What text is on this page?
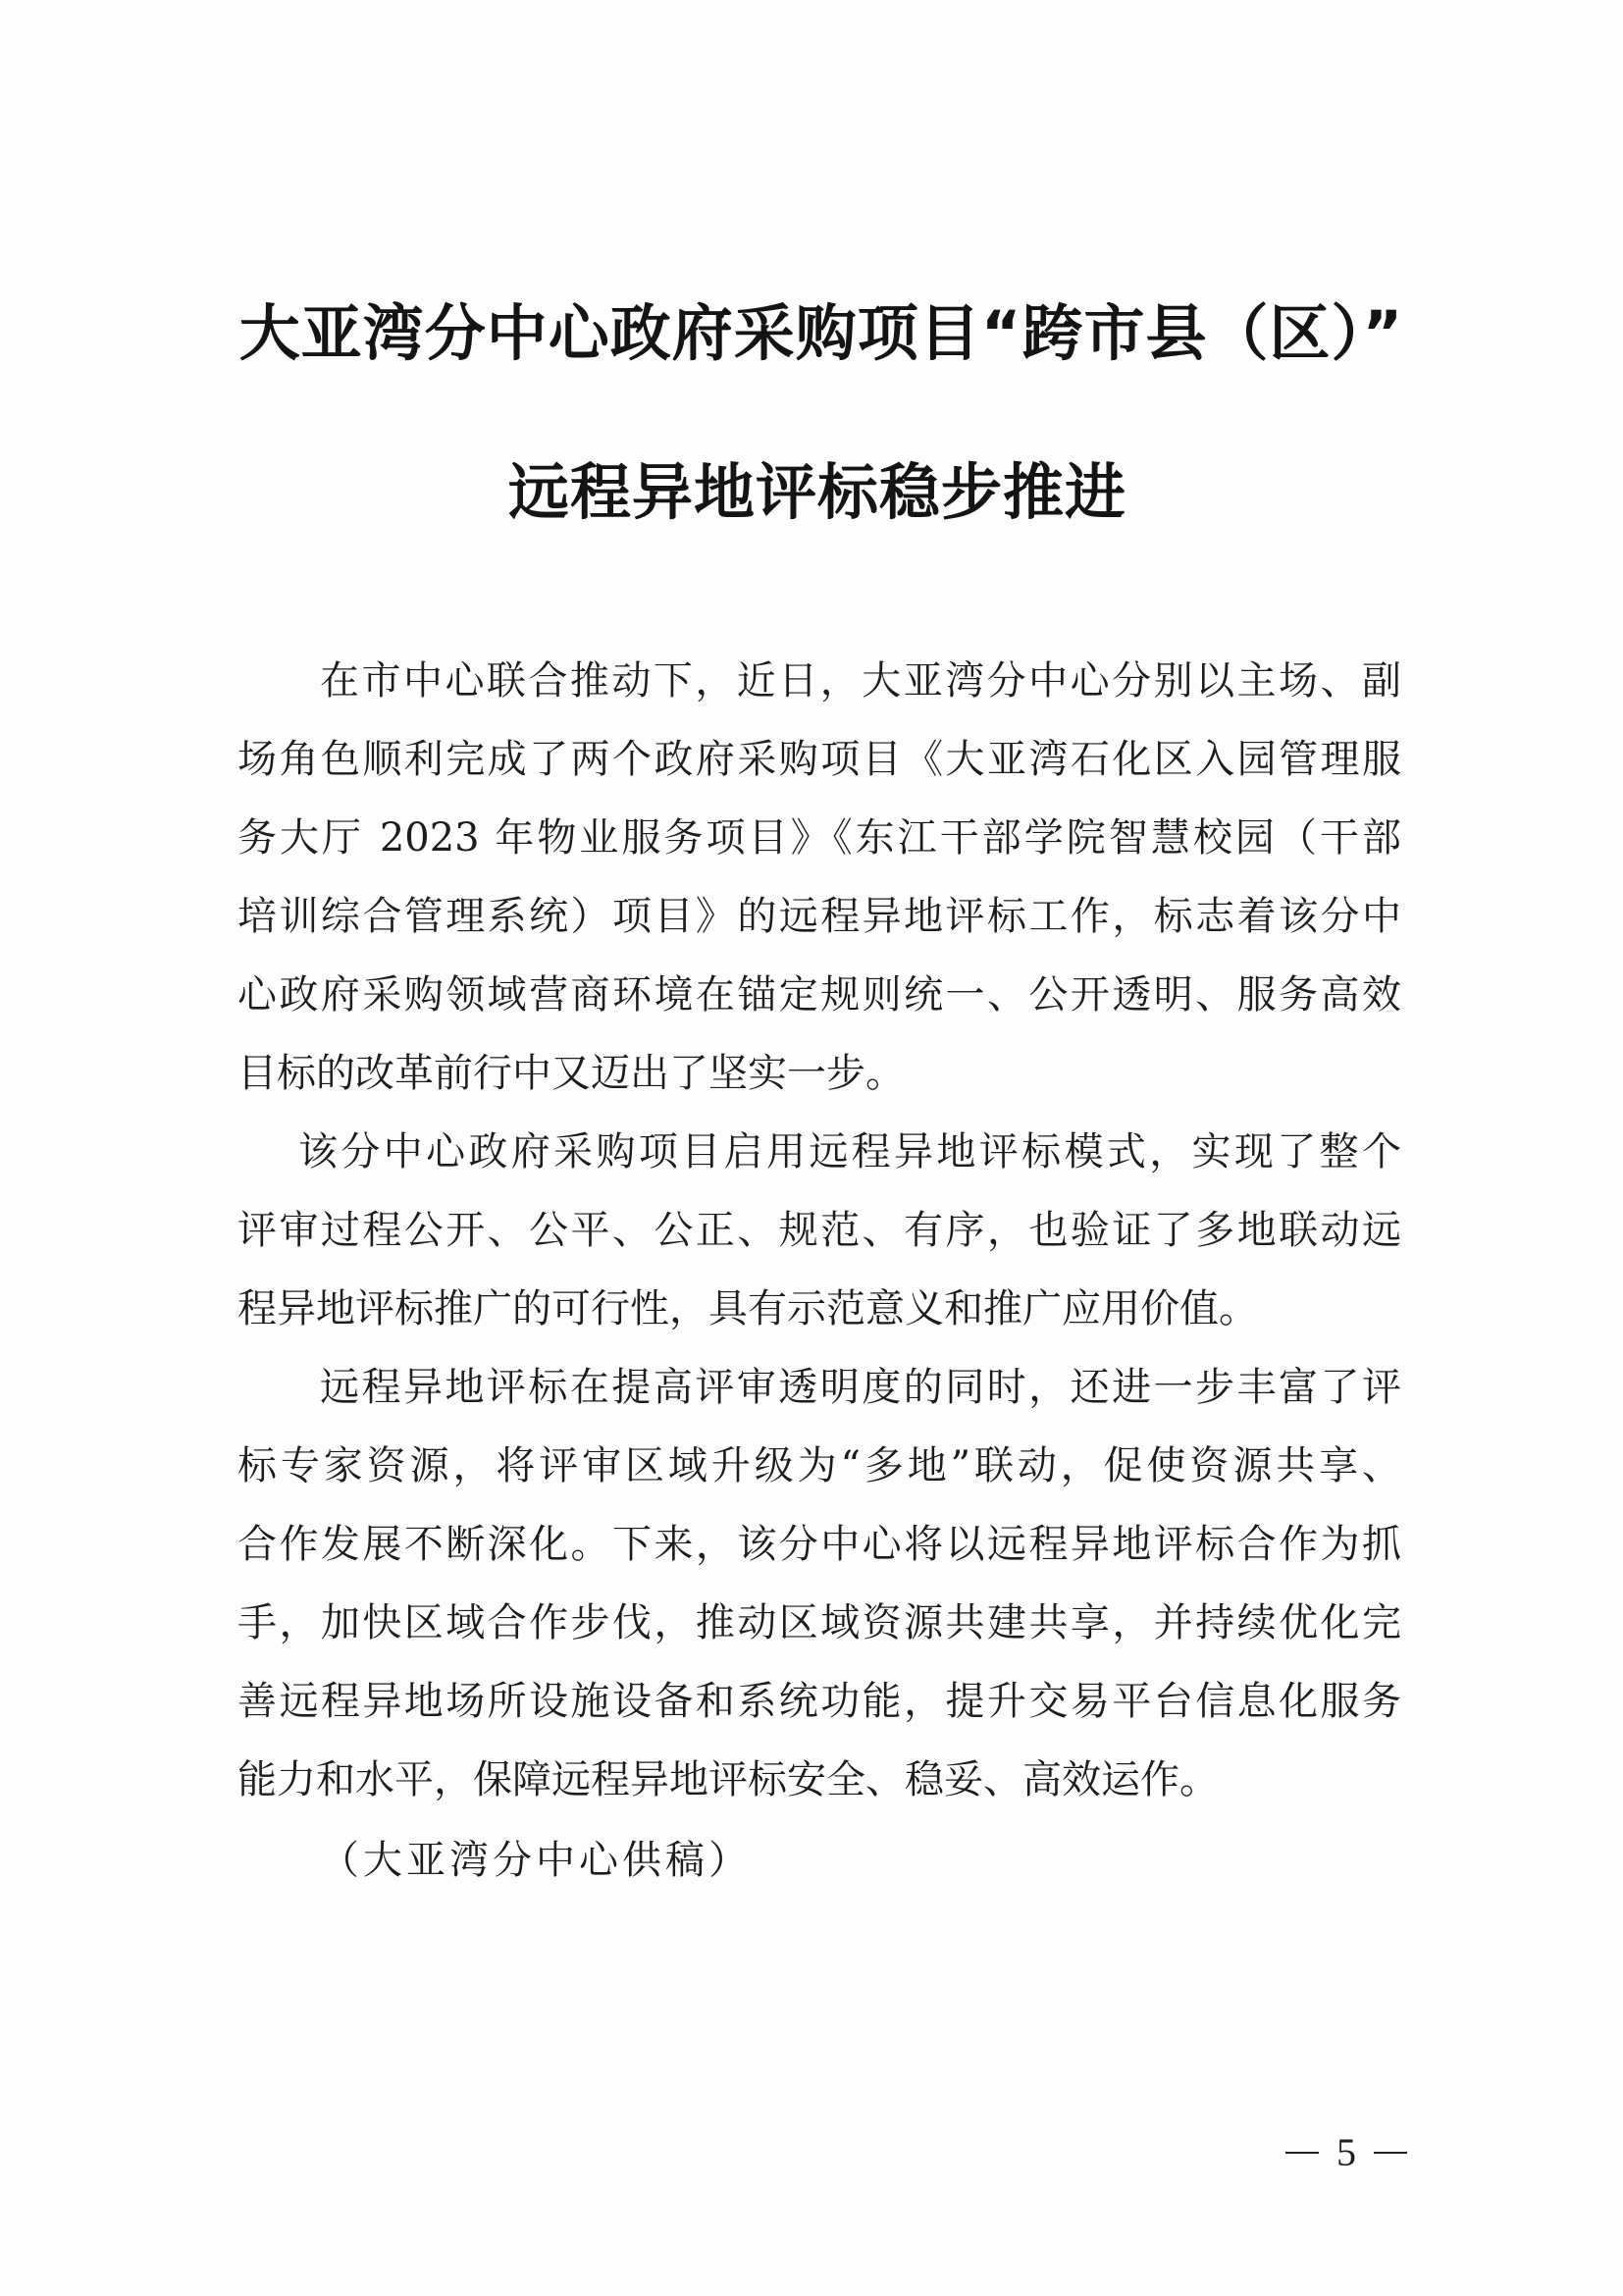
大亚湾分中心政府采购项目“跨市县（区）”
远程异地评标稳步推进

在市中心联合推动下，近日，大亚湾分中心分别以主场、副

场角色顺利完成了两个政府采购项目《大亚湾石化区入园管理服

务大厅 2023 年物业服务项目》《东江干部学院智慧校园（干部

培训综合管理系统）项目》的远程异地评标工作，标志着该分中

心政府采购领域营商环境在锚定规则统一、公开透明、服务高效

目标的改革前行中又迈出了坚实一步。

该分中心政府采购项目启用远程异地评标模式，实现了整个

评审过程公开、公平、公正、规范、有序，也验证了多地联动远

程异地评标推广的可行性，具有示范意义和推广应用价值。

远程异地评标在提高评审透明度的同时，还进一步丰富了评

标专家资源，将评审区域升级为“多地”联动，促使资源共享、

合作发展不断深化。下来，该分中心将以远程异地评标合作为抓

手，加快区域合作步伐，推动区域资源共建共享，并持续优化完

善远程异地场所设施设备和系统功能，提升交易平台信息化服务

能力和水平，保障远程异地评标安全、稳妥、高效运作。

（大亚湾分中心供稿）
5
